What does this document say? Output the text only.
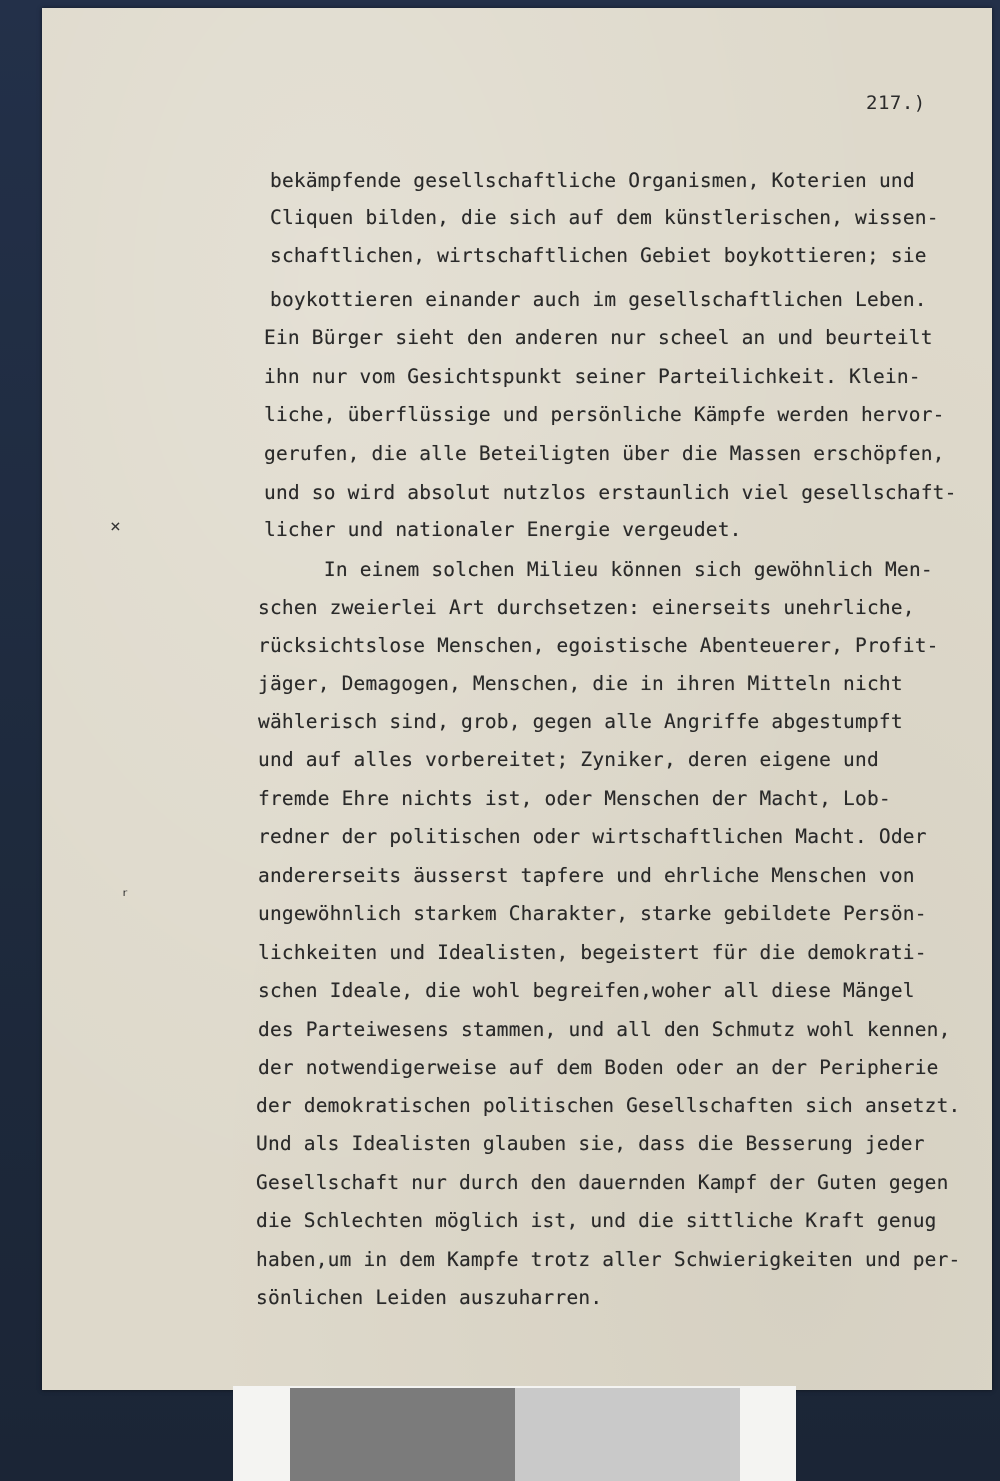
217.)
bekämpfende gesellschaftliche Organismen, Koterien und
Cliquen bilden, die sich auf dem künstlerischen, wissen-
schaftlichen, wirtschaftlichen Gebiet boykottieren; sie
boykottieren einander auch im gesellschaftlichen Leben.
Ein Bürger sieht den anderen nur scheel an und beurteilt
ihn nur vom Gesichtspunkt seiner Parteilichkeit. Klein-
liche, überflüssige und persönliche Kämpfe werden hervor-
gerufen, die alle Beteiligten über die Massen erschöpfen,
und so wird absolut nutzlos erstaunlich viel gesellschaft-
licher und nationaler Energie vergeudet.
In einem solchen Milieu können sich gewöhnlich Men-
schen zweierlei Art durchsetzen: einerseits unehrliche,
rücksichtslose Menschen, egoistische Abenteuerer, Profit-
jäger, Demagogen, Menschen, die in ihren Mitteln nicht
wählerisch sind, grob, gegen alle Angriffe abgestumpft
und auf alles vorbereitet; Zyniker, deren eigene und
fremde Ehre nichts ist, oder Menschen der Macht, Lob-
redner der politischen oder wirtschaftlichen Macht. Oder
andererseits äusserst tapfere und ehrliche Menschen von
ungewöhnlich starkem Charakter, starke gebildete Persön-
lichkeiten und Idealisten, begeistert für die demokrati-
schen Ideale, die wohl begreifen,woher all diese Mängel
des Parteiwesens stammen, und all den Schmutz wohl kennen,
der notwendigerweise auf dem Boden oder an der Peripherie
der demokratischen politischen Gesellschaften sich ansetzt.
Und als Idealisten glauben sie, dass die Besserung jeder
Gesellschaft nur durch den dauernden Kampf der Guten gegen
die Schlechten möglich ist, und die sittliche Kraft genug
haben,um in dem Kampfe trotz aller Schwierigkeiten und per-
sönlichen Leiden auszuharren.
×
ᵣ
